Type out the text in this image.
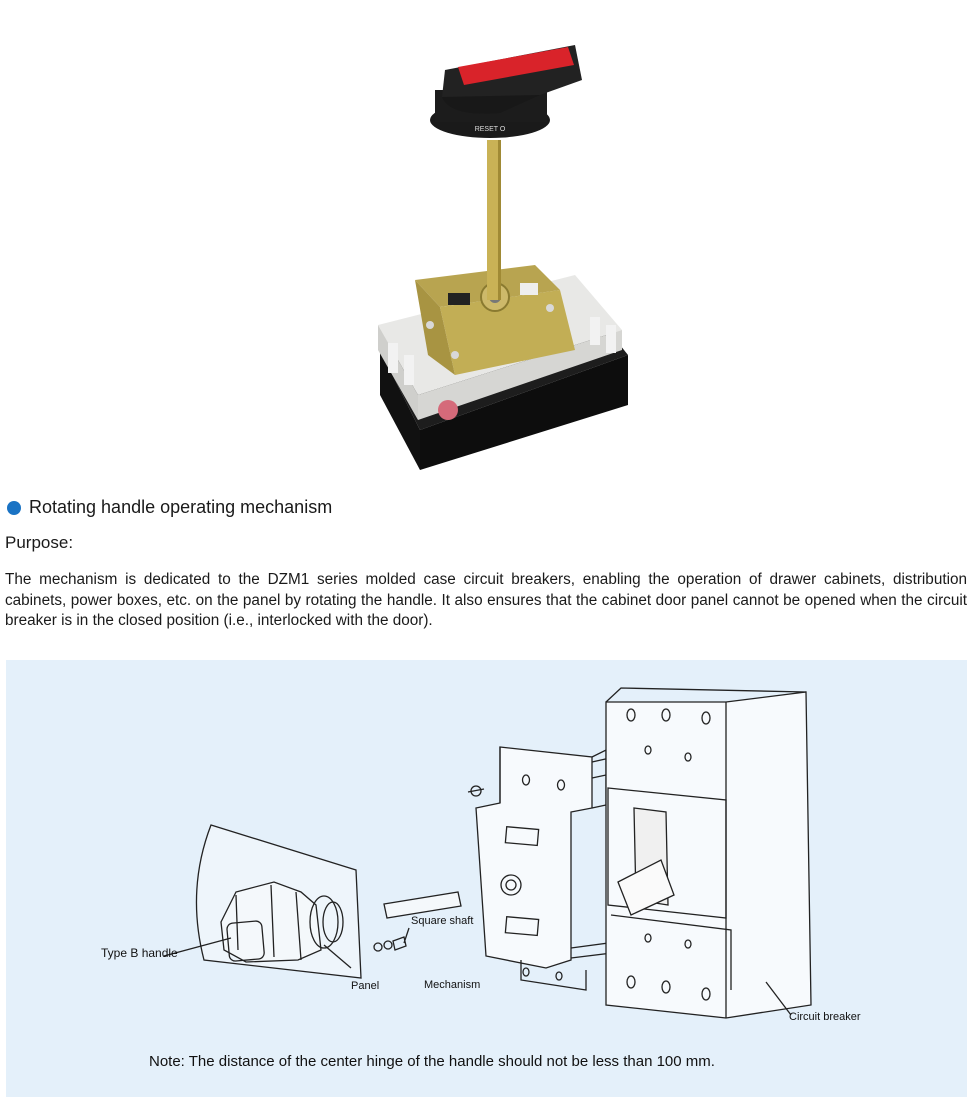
RESET O
Rotating handle operating mechanism
Purpose:
The mechanism is dedicated to the DZM1 series molded case circuit breakers, enabling the operation of drawer cabinets, distribution cabinets, power boxes, etc. on the panel by rotating the handle. It also ensures that the cabinet door panel cannot be opened when the circuit breaker is in the closed position (i.e., interlocked with the door).
Type B handle
Panel
Square shaft
Mechanism
Circuit breaker
Note: The distance of the center hinge of the handle should not be less than 100 mm.
